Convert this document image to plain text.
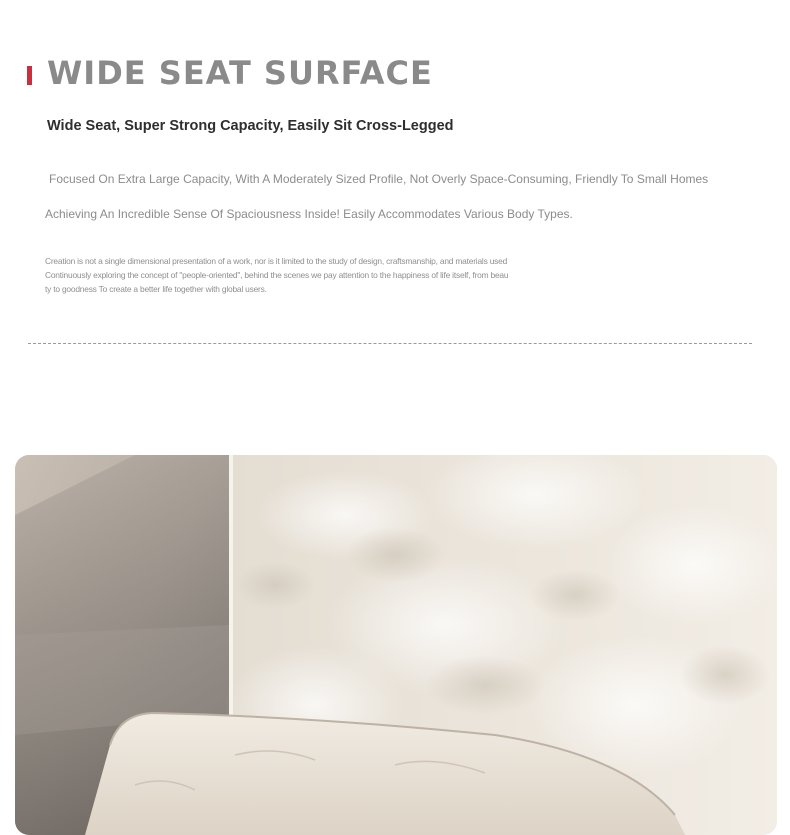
WIDE SEAT SURFACE
Wide Seat, Super Strong Capacity, Easily Sit Cross-Legged

Focused On Extra Large Capacity, With A Moderately Sized Profile, Not Overly Space-Consuming, Friendly To Small Homes

Achieving An Incredible Sense Of Spaciousness Inside! Easily Accommodates Various Body Types.

Creation is not a single dimensional presentation of a work, nor is it limited to the study of design, craftsmanship, and materials used
Continuously exploring the concept of "people-oriented", behind the scenes we pay attention to the happiness of life itself, from beau
ty to goodness To create a better life together with global users.
